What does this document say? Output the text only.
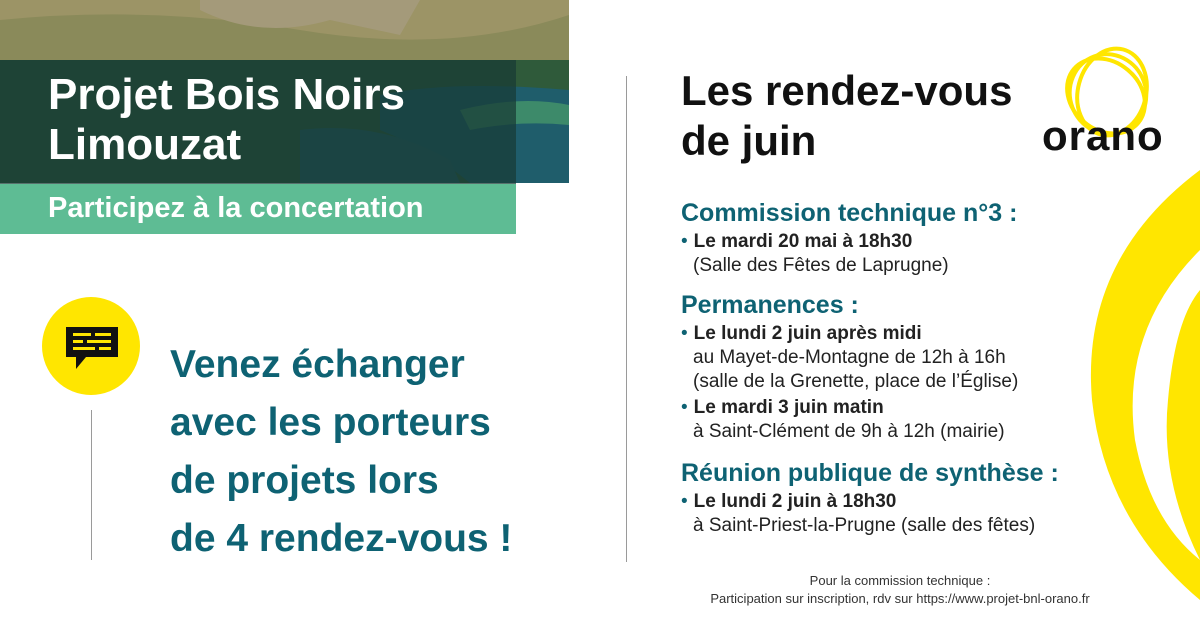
Projet Bois Noirs
Limouzat

Participez à la concertation

Venez échanger
avec les porteurs
de projets lors
de 4 rendez-vous !

Les rendez-vous
de juin	orano

Commission technique n°3 :

• Le mardi 20 mai à 18h30
(Salle des Fêtes de Laprugne)

Permanences :

• Le lundi 2 juin après midi
au Mayet-de-Montagne de 12h à 16h
(salle de la Grenette, place de l’Église)

• Le mardi 3 juin matin
à Saint-Clément de 9h à 12h (mairie)

Réunion publique de synthèse :

• Le lundi 2 juin à 18h30
à Saint-Priest-la-Prugne (salle des fêtes)

Pour la commission technique :
Participation sur inscription, rdv sur https://www.projet-bnl-orano.fr
